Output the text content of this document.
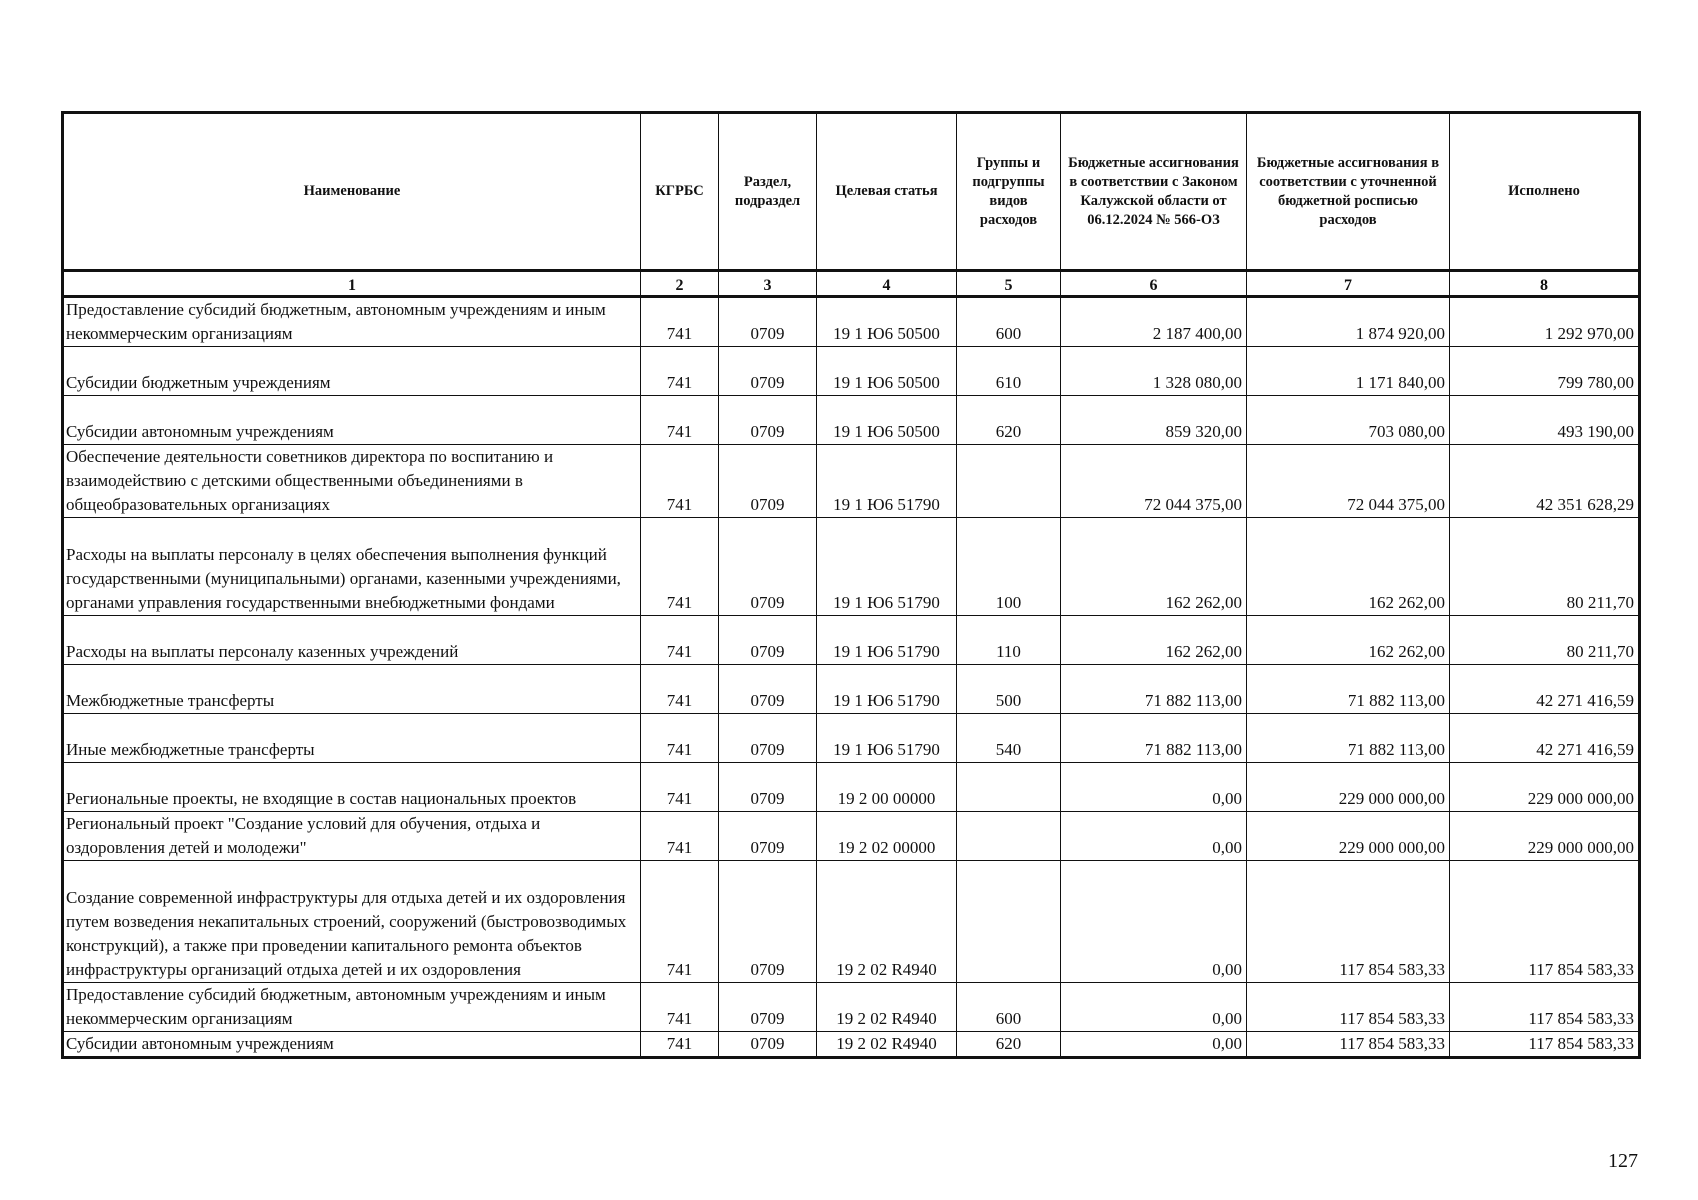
Наименование	КГРБС	Раздел, подраздел	Целевая статья	Группы и подгруппы видов расходов	Бюджетные ассигнования в соответствии с Законом Калужской области от 06.12.2024 № 566-ОЗ	Бюджетные ассигнования в соответствии с уточненной бюджетной росписью расходов	Исполнено
1	2	3	4	5	6	7	8
Предоставление субсидий бюджетным, автономным учреждениям и иным некоммерческим организациям	741	0709	19 1 Ю6 50500	600	2 187 400,00	1 874 920,00	1 292 970,00
Субсидии бюджетным учреждениям	741	0709	19 1 Ю6 50500	610	1 328 080,00	1 171 840,00	799 780,00
Субсидии автономным учреждениям	741	0709	19 1 Ю6 50500	620	859 320,00	703 080,00	493 190,00
Обеспечение деятельности советников директора по воспитанию и взаимодействию с детскими общественными объединениями в общеобразовательных организациях	741	0709	19 1 Ю6 51790		72 044 375,00	72 044 375,00	42 351 628,29
Расходы на выплаты персоналу в целях обеспечения выполнения функций государственными (муниципальными) органами, казенными учреждениями, органами управления государственными внебюджетными фондами	741	0709	19 1 Ю6 51790	100	162 262,00	162 262,00	80 211,70
Расходы на выплаты персоналу казенных учреждений	741	0709	19 1 Ю6 51790	110	162 262,00	162 262,00	80 211,70
Межбюджетные трансферты	741	0709	19 1 Ю6 51790	500	71 882 113,00	71 882 113,00	42 271 416,59
Иные межбюджетные трансферты	741	0709	19 1 Ю6 51790	540	71 882 113,00	71 882 113,00	42 271 416,59
Региональные проекты, не входящие в состав национальных проектов	741	0709	19 2 00 00000		0,00	229 000 000,00	229 000 000,00
Региональный проект "Создание условий для обучения, отдыха и оздоровления детей и молодежи"	741	0709	19 2 02 00000		0,00	229 000 000,00	229 000 000,00
Создание современной инфраструктуры для отдыха детей и их оздоровления путем возведения некапитальных строений, сооружений (быстровозводимых конструкций), а также при проведении капитального ремонта объектов инфраструктуры организаций отдыха детей и их оздоровления	741	0709	19 2 02 R4940		0,00	117 854 583,33	117 854 583,33
Предоставление субсидий бюджетным, автономным учреждениям и иным некоммерческим организациям	741	0709	19 2 02 R4940	600	0,00	117 854 583,33	117 854 583,33
Субсидии автономным учреждениям	741	0709	19 2 02 R4940	620	0,00	117 854 583,33	117 854 583,33
127
